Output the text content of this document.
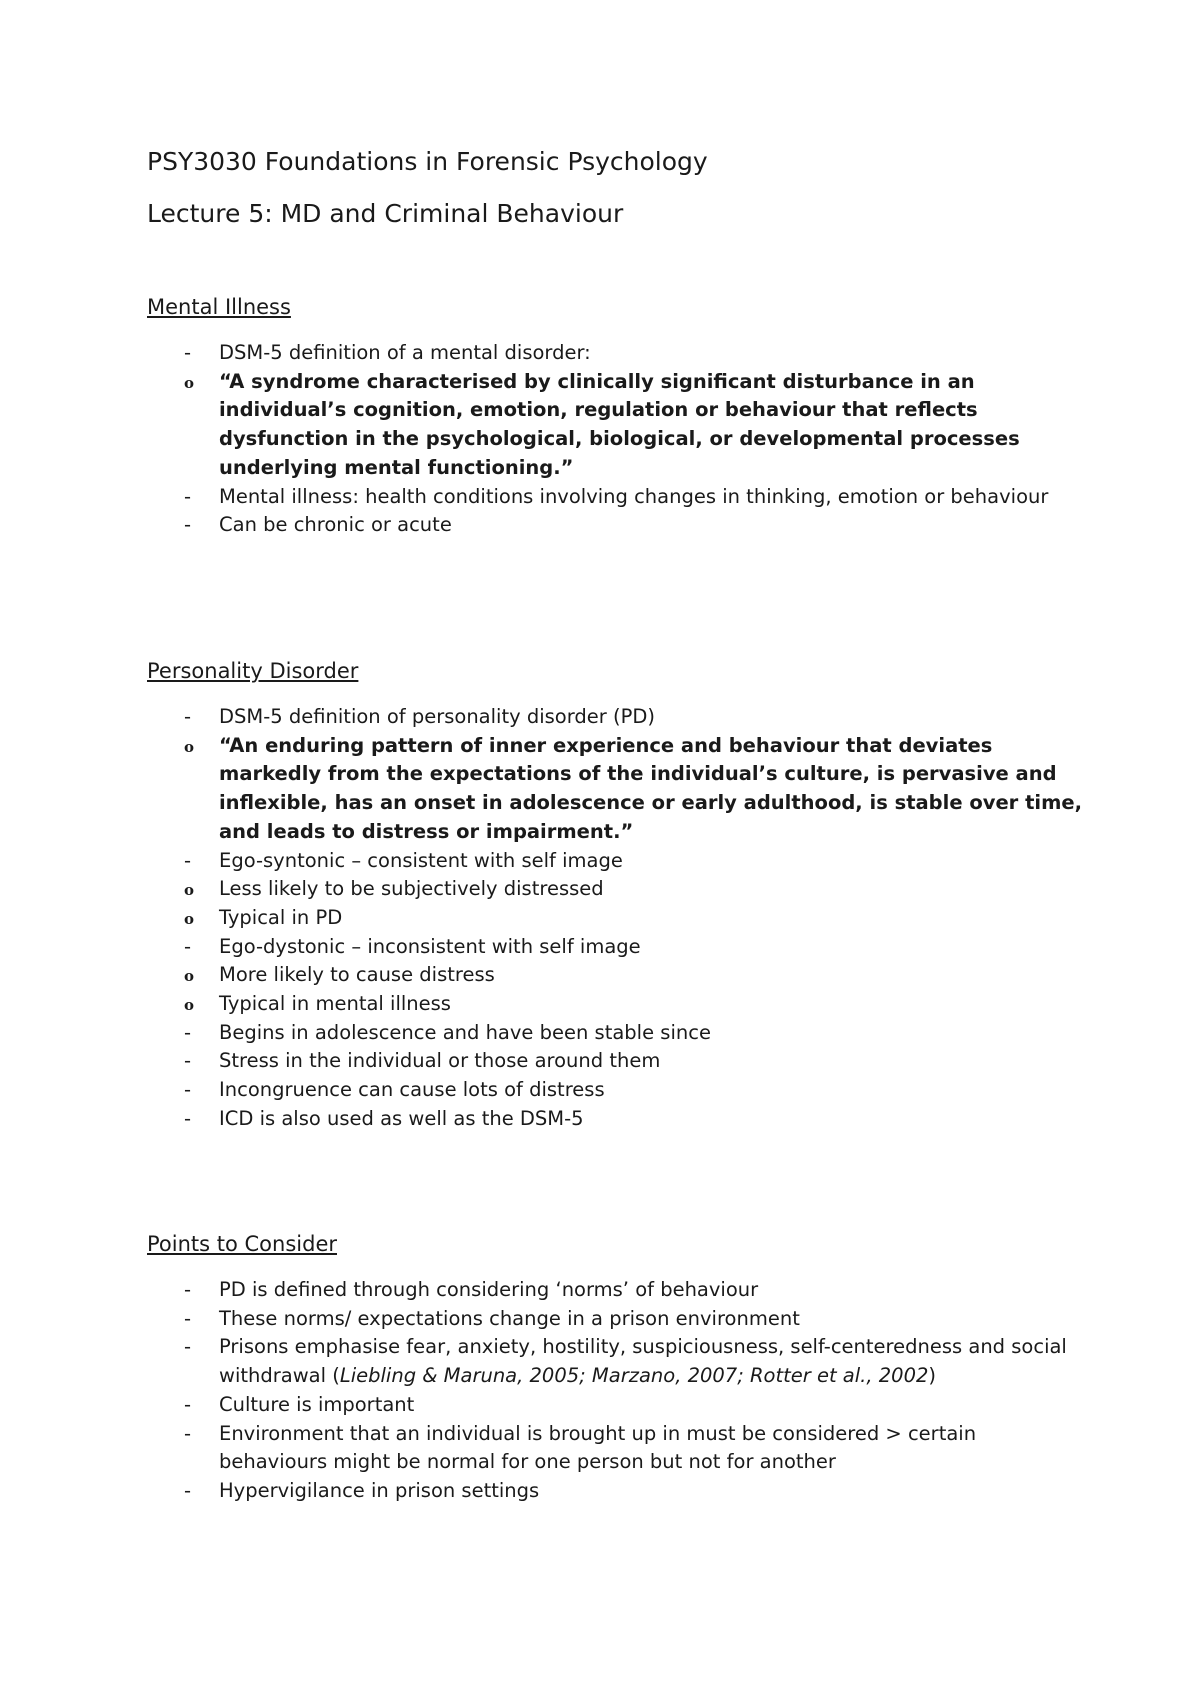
PSY3030 Foundations in Forensic Psychology
Lecture 5: MD and Criminal Behaviour
Mental Illness
- DSM-5 definition of a mental disorder:
o “A syndrome characterised by clinically significant disturbance in an individual’s cognition, emotion, regulation or behaviour that reflects dysfunction in the psychological, biological, or developmental processes underlying mental functioning.”
- Mental illness: health conditions involving changes in thinking, emotion or behaviour
- Can be chronic or acute
Personality Disorder
- DSM-5 definition of personality disorder (PD)
o “An enduring pattern of inner experience and behaviour that deviates markedly from the expectations of the individual’s culture, is pervasive and inflexible, has an onset in adolescence or early adulthood, is stable over time, and leads to distress or impairment.”
- Ego-syntonic – consistent with self image
o Less likely to be subjectively distressed
o Typical in PD
- Ego-dystonic – inconsistent with self image
o More likely to cause distress
o Typical in mental illness
- Begins in adolescence and have been stable since
- Stress in the individual or those around them
- Incongruence can cause lots of distress
- ICD is also used as well as the DSM-5
Points to Consider
- PD is defined through considering ‘norms’ of behaviour
- These norms/ expectations change in a prison environment
- Prisons emphasise fear, anxiety, hostility, suspiciousness, self-centeredness and social withdrawal (Liebling & Maruna, 2005; Marzano, 2007; Rotter et al., 2002)
- Culture is important
- Environment that an individual is brought up in must be considered > certain behaviours might be normal for one person but not for another
- Hypervigilance in prison settings
